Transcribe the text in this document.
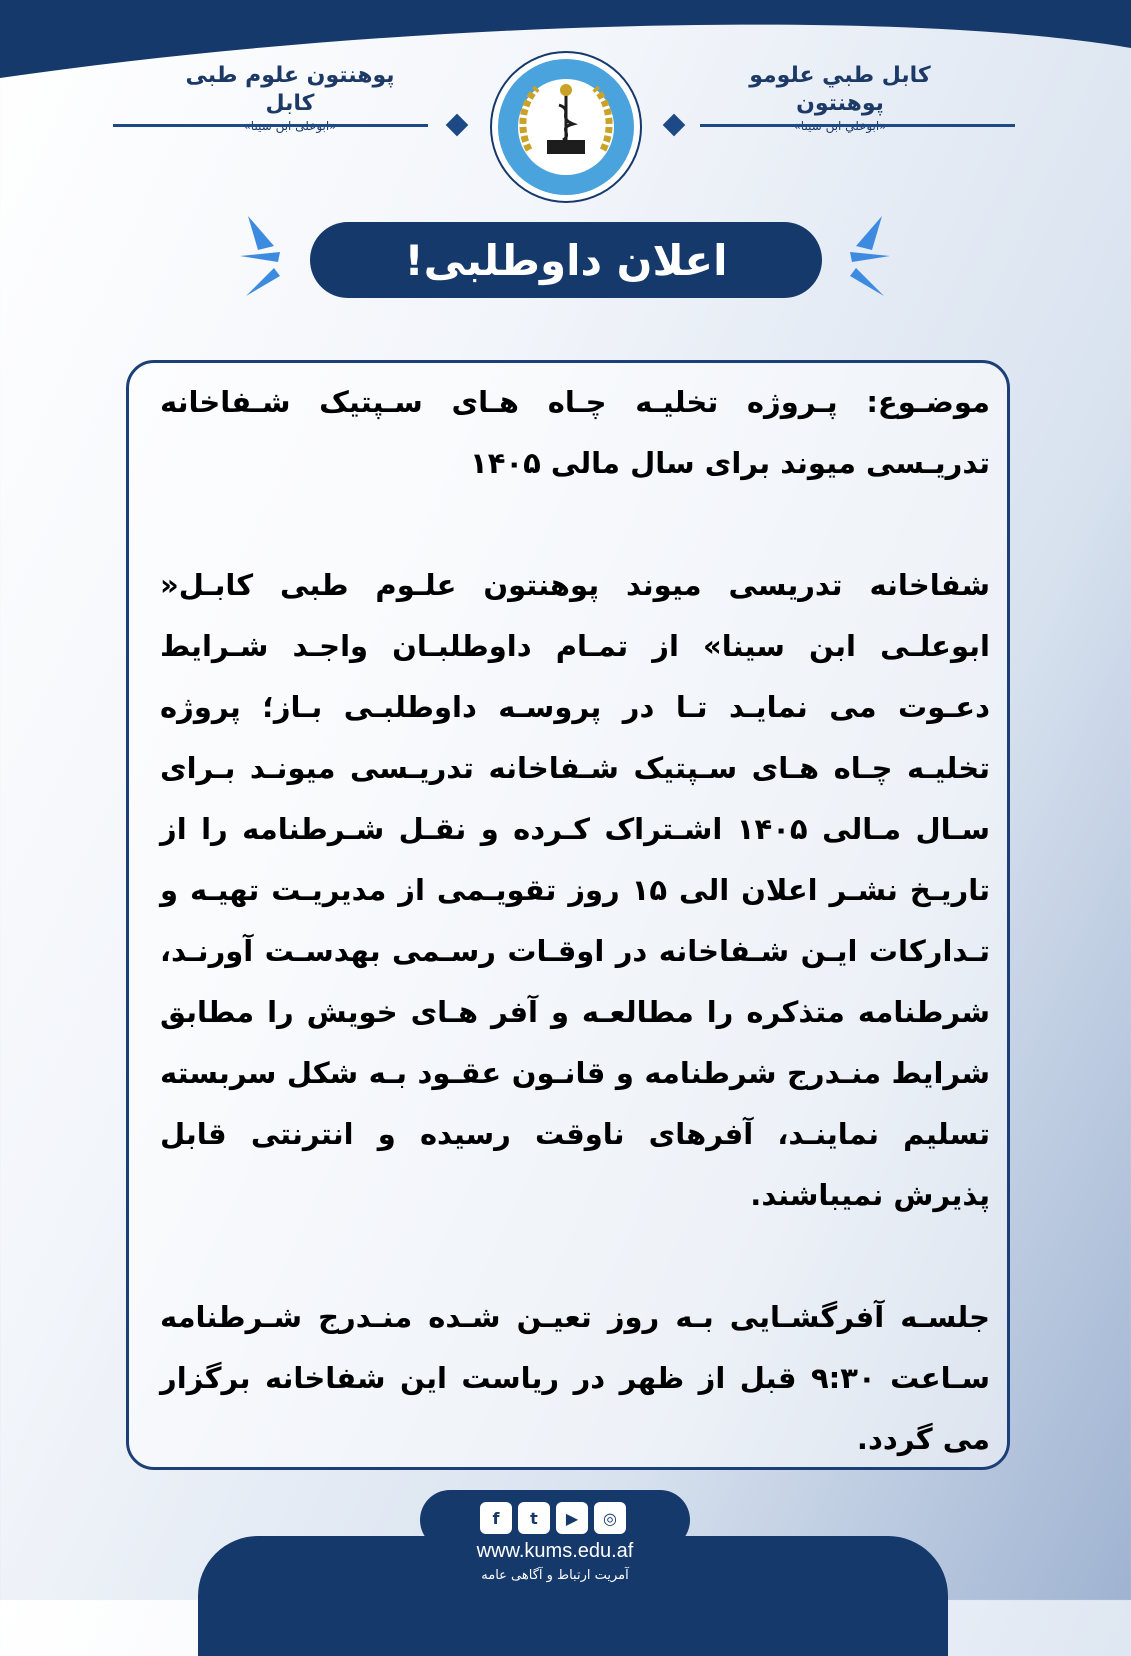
پوهنتون علوم طبی کابل
کابل طبي علومو پوهنتون
اعلان داوطلبی!

موضـوع: پـروژه تخلیـه چـاه هـای سـپتیک شـفاخانه تدریـسی میوند برای سال مالی ۱۴۰۵

شفاخانه تدریسی میوند پوهنتون علـوم طبی کابـل« ابوعلـی ابن سینا» از تمـام داوطلبـان واجـد شـرایط دعـوت می نمایـد تـا در پروسـه داوطلبـی بـاز؛ پروژه تخلیـه چـاه هـای سـپتیک شـفاخانه تدریـسی میونـد بـرای سـال مـالی ۱۴۰۵ اشـتراک کـرده و نقـل شـرطنامه را از تاریـخ نشـر اعلان الی ۱۵ روز تقویـمی از مدیریـت تهیـه و تـدارکات ایـن شـفاخانه در اوقـات رسـمی بهدسـت آورنـد، شرطنامه متذکره را مطالعـه و آفر هـای خویش را مطابق شرایط منـدرج شرطنامه و قانـون عقـود بـه شکل سربسته تسلیم نماینـد، آفرهای ناوقت رسیده و انترنتی قابل پذیرش نمیباشند.

جلسـه آفرگشـایی بـه روز تعیـن شـده منـدرج شـرطنامه سـاعت ۹:۳۰ قبل از ظهر در ریاست این شفاخانه برگزار می گردد.

f t ▶ ◎
www.kums.edu.af
آمریت ارتباط و آگاهی عامه
